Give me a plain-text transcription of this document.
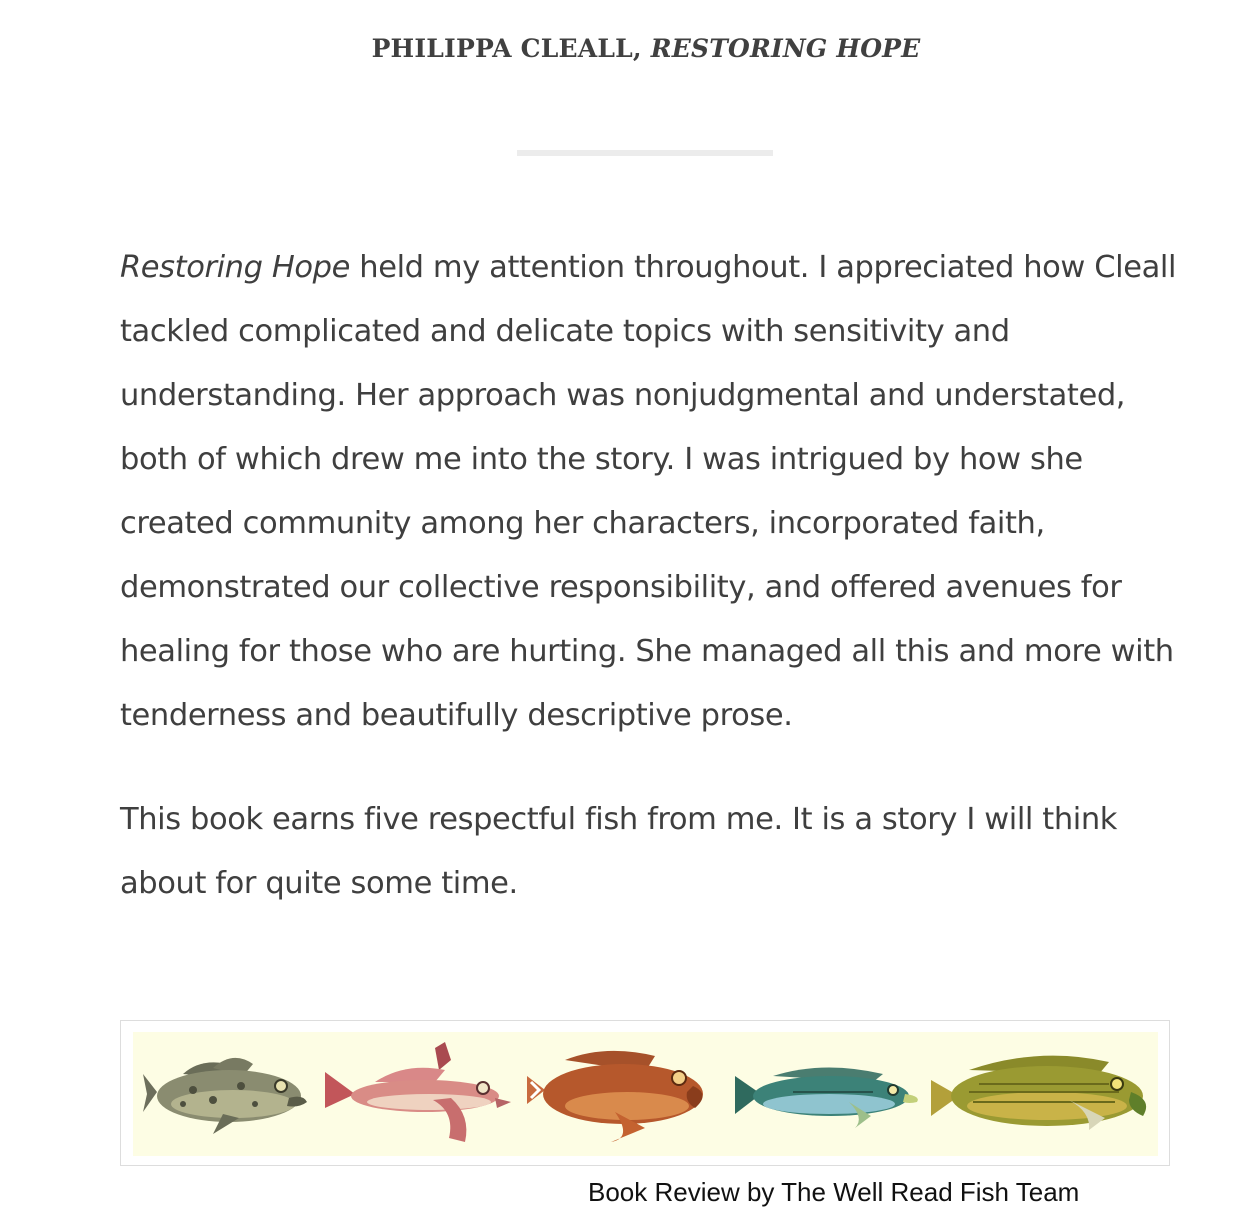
PHILIPPA CLEALL, RESTORING HOPE

Restoring Hope held my attention throughout. I appreciated how Cleall tackled complicated and delicate topics with sensitivity and understanding. Her approach was nonjudgmental and understated, both of which drew me into the story. I was intrigued by how she created community among her characters, incorporated faith, demonstrated our collective responsibility, and offered avenues for healing for those who are hurting. She managed all this and more with tenderness and beautifully descriptive prose.

This book earns five respectful fish from me. It is a story I will think about for quite some time.

Book Review by The Well Read Fish Team
